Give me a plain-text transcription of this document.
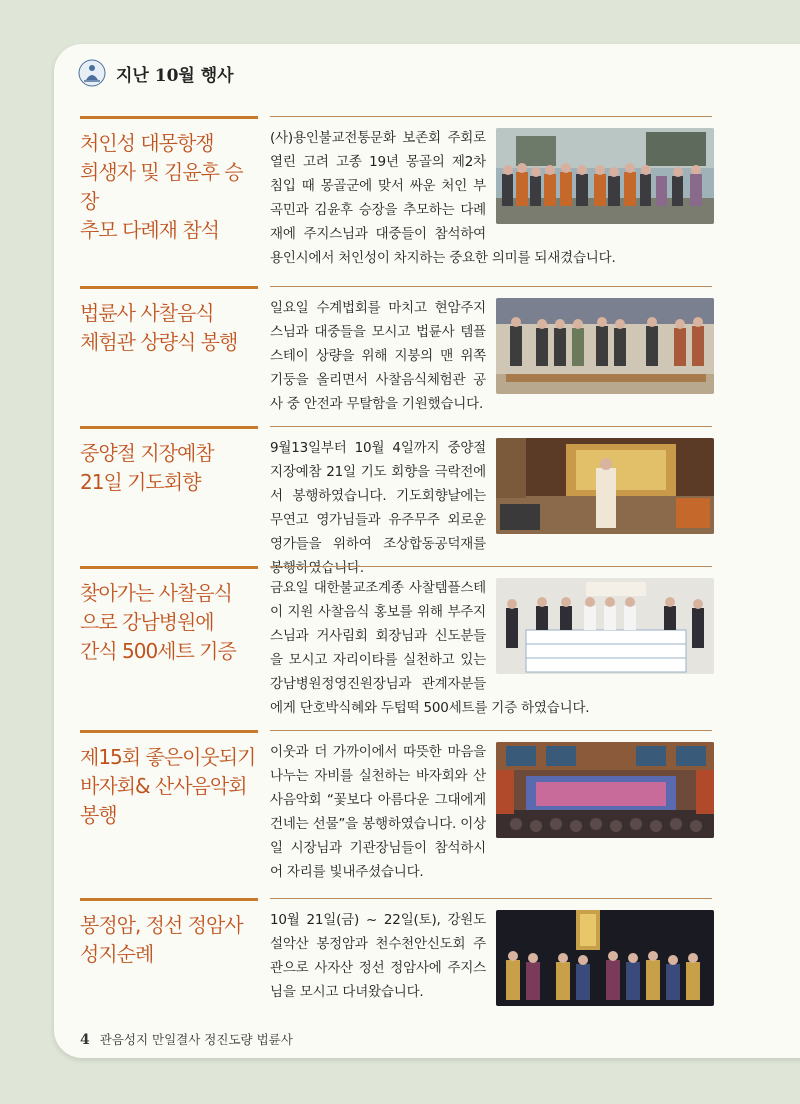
지난 10월 행사
처인성 대몽항쟁
희생자 및 김윤후 승장
추모 다례재 참석
(사)용인불교전통문화 보존회 주회로 열린 고려 고종 19년 몽골의 제2차 침입 때 몽골군에 맞서 싸운 처인 부곡민과 김윤후 승장을 추모하는 다례재에 주지스님과 대중들이 참석하여 용인시에서 처인성이 차지하는 중요한 의미를 되새겼습니다.
법륜사 사찰음식
체험관 상량식 봉행
일요일 수계법회를 마치고 현암주지스님과 대중들을 모시고 법륜사 템플스테이 상량을 위해 지붕의 맨 위쪽 기둥을 올리면서 사찰음식체험관 공사 중 안전과 무탈함을 기원했습니다.
중양절 지장예참
21일 기도회향
9월13일부터 10월 4일까지 중양절 지장예참 21일 기도 회향을 극락전에서 봉행하였습니다. 기도회향날에는 무연고 영가님들과 유주무주 외로운 영가들을 위하여 조상합동공덕재를 봉행하였습니다.
찾아가는 사찰음식
으로 강남병원에
간식 500세트 기증
금요일 대한불교조계종 사찰템플스테이 지원 사찰음식 홍보를 위해 부주지스님과 거사림회 회장님과 신도분들을 모시고 자리이타를 실천하고 있는 강남병원정영진원장님과 관계자분들에게 단호박식혜와 두텁떡 500세트를 기증 하였습니다.
제15회 좋은이웃되기
바자회& 산사음악회
봉행
이웃과 더 가까이에서 따뜻한 마음을 나누는 자비를 실천하는 바자회와 산사음악회 “꽃보다 아름다운 그대에게 건네는 선물”을 봉행하였습니다. 이상일 시장님과 기관장님들이 참석하시어 자리를 빛내주셨습니다.
봉정암, 정선 정암사
성지순례
10월 21일(금) ~ 22일(토), 강원도 설악산 봉정암과 천수천안신도회 주관으로 사자산 정선 정암사에 주지스님을 모시고 다녀왔습니다.
4 관음성지 만일결사 정진도량 법륜사
